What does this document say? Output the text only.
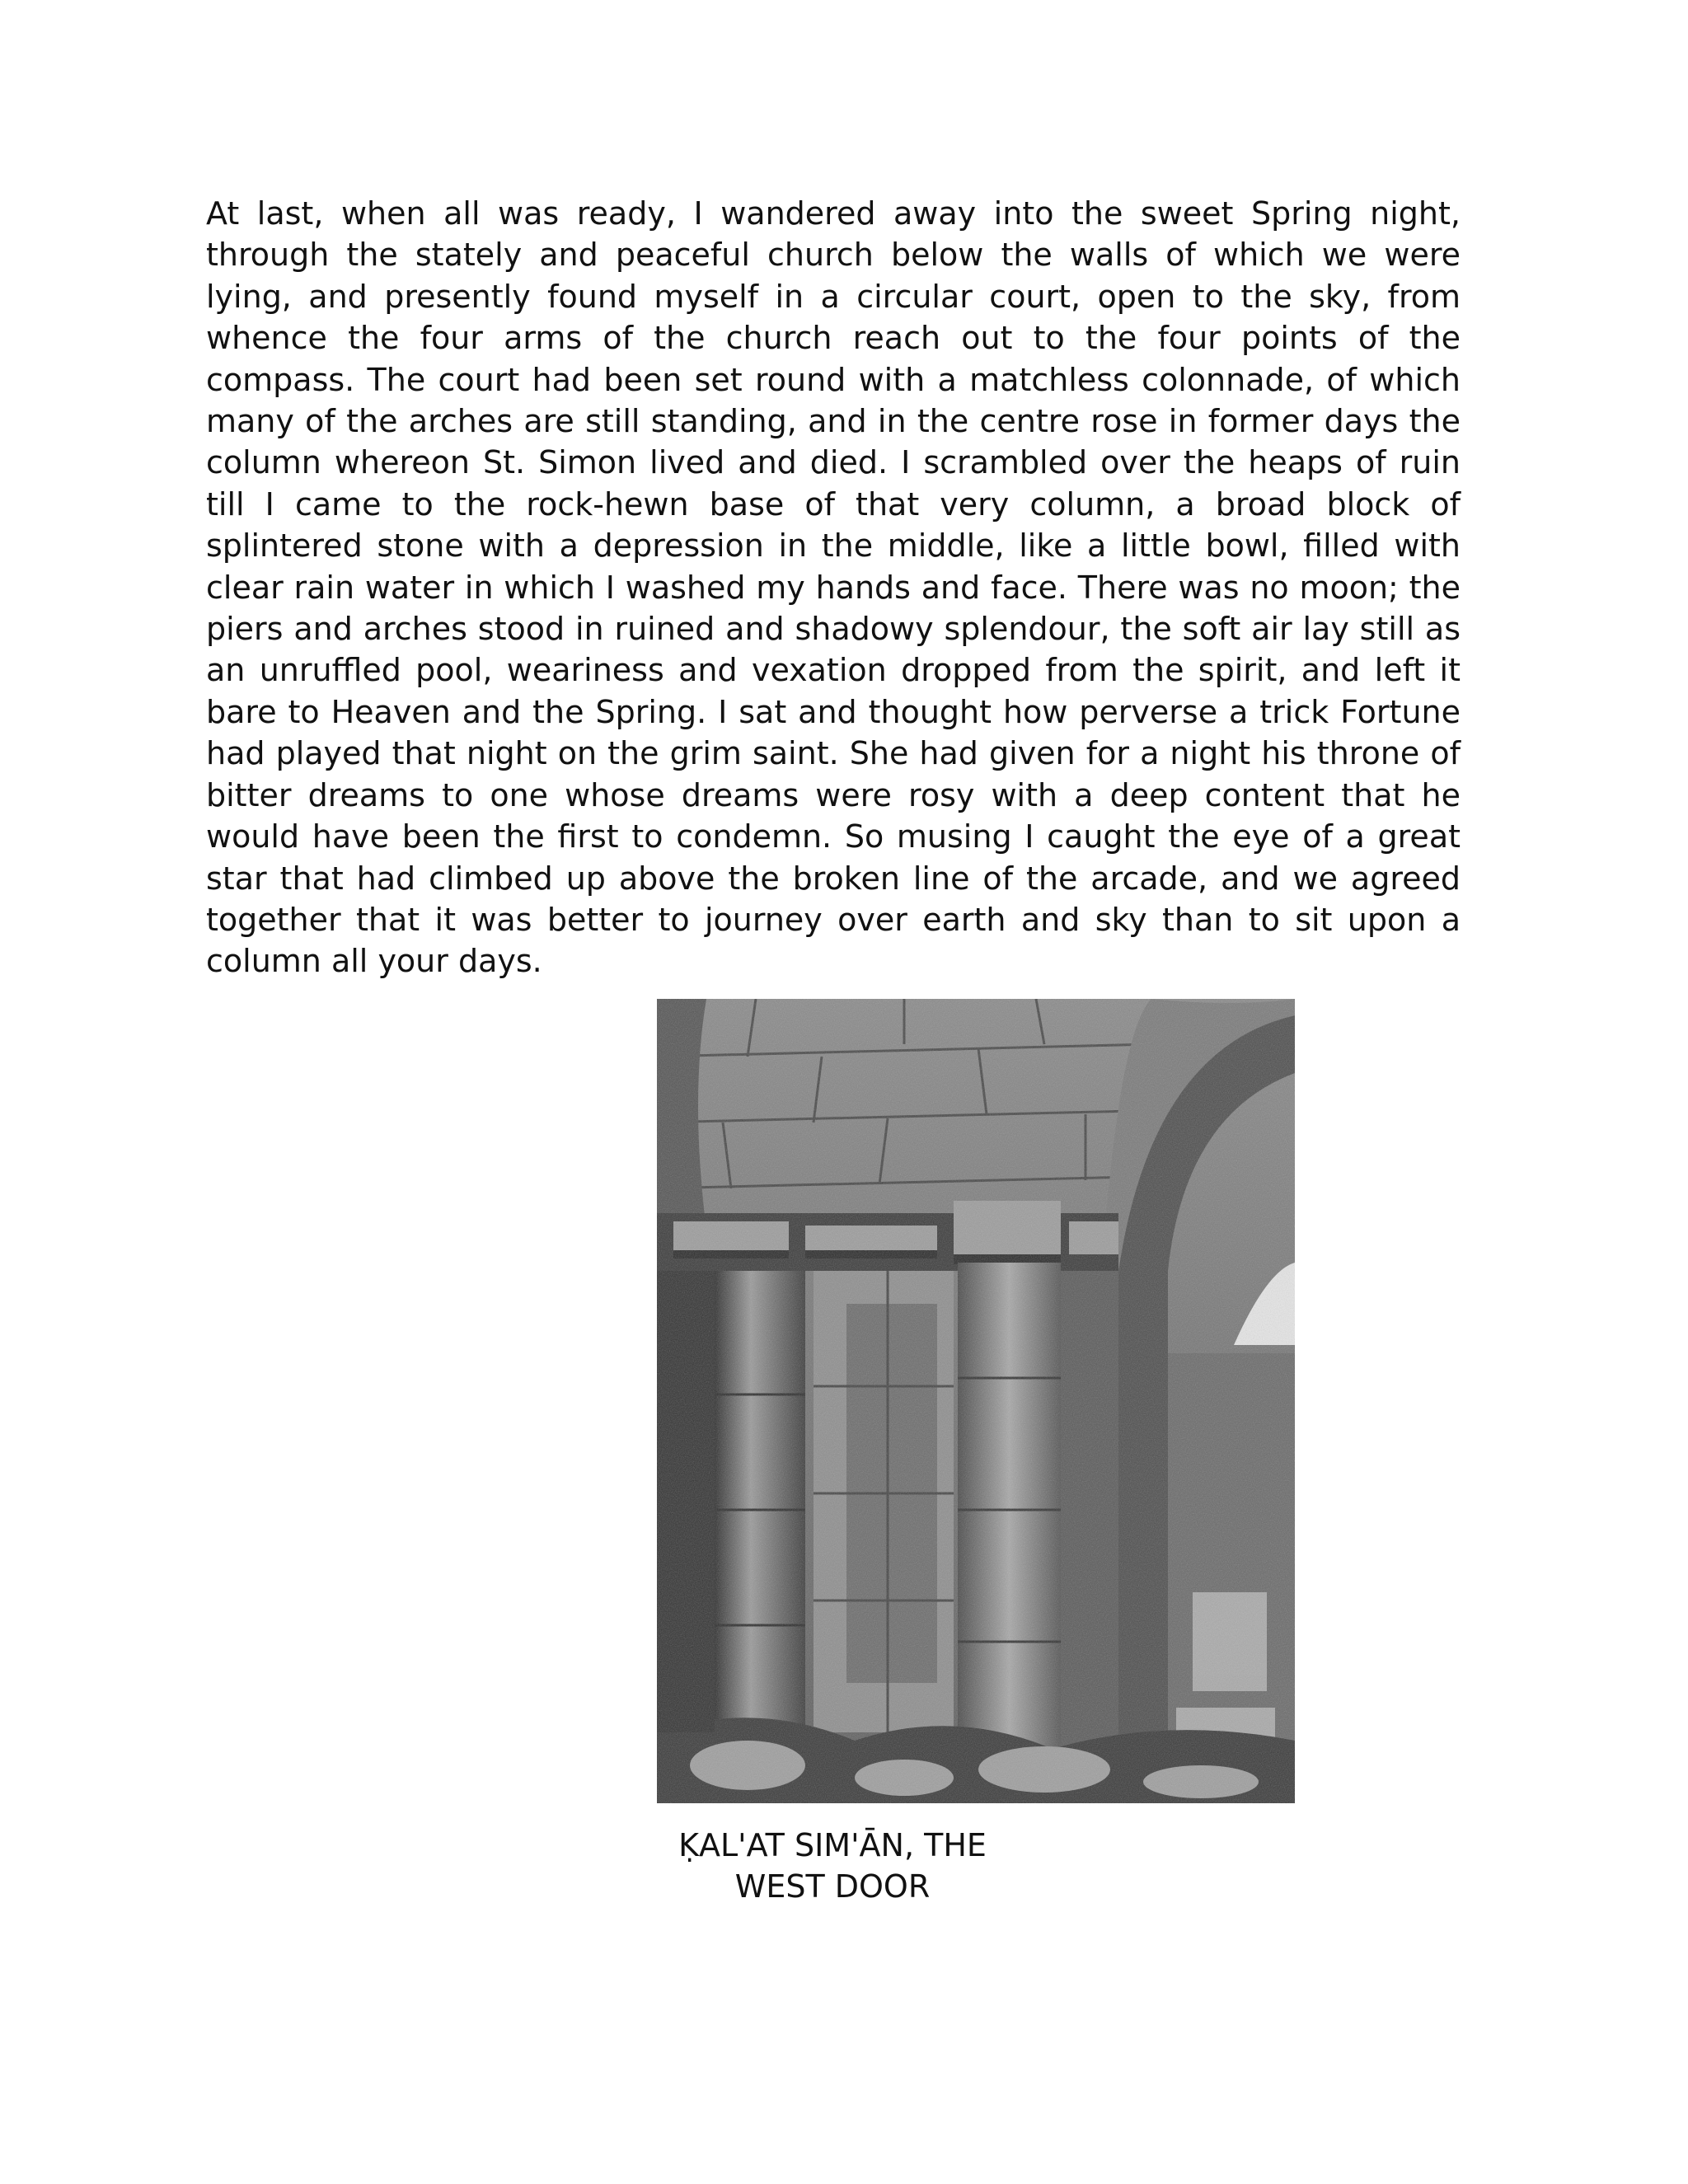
At last, when all was ready, I wandered away into the sweet Spring night, through the stately and peaceful church below the walls of which we were lying, and presently found myself in a circular court, open to the sky, from whence the four arms of the church reach out to the four points of the compass. The court had been set round with a matchless colonnade, of which many of the arches are still standing, and in the centre rose in former days the column whereon St. Simon lived and died. I scrambled over the heaps of ruin till I came to the rock-hewn base of that very column, a broad block of splintered stone with a depression in the middle, like a little bowl, filled with clear rain water in which I washed my hands and face. There was no moon; the piers and arches stood in ruined and shadowy splendour, the soft air lay still as an unruffled pool, weariness and vexation dropped from the spirit, and left it bare to Heaven and the Spring. I sat and thought how perverse a trick Fortune had played that night on the grim saint. She had given for a night his throne of bitter dreams to one whose dreams were rosy with a deep content that he would have been the first to condemn. So musing I caught the eye of a great star that had climbed up above the broken line of the arcade, and we agreed together that it was better to journey over earth and sky than to sit upon a column all your days.

ḲAL'AT SIM'ĀN, THE
WEST DOOR
